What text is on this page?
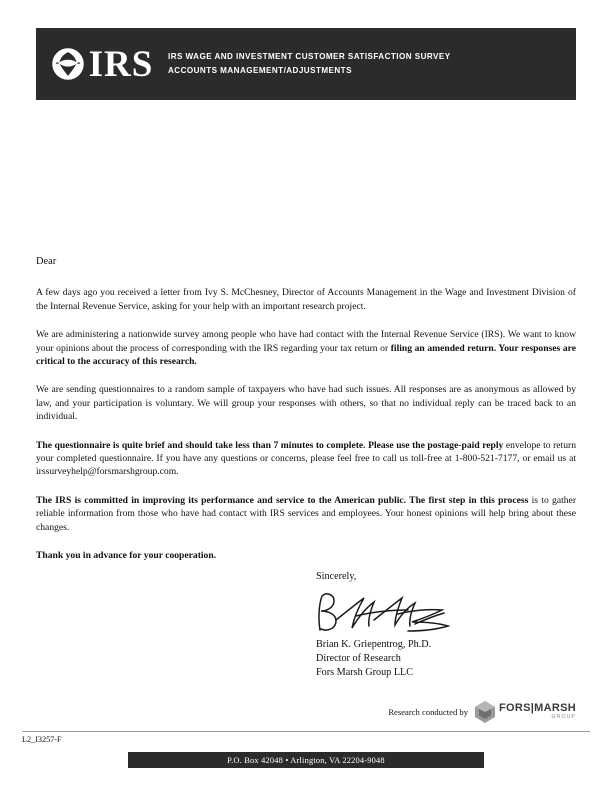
IRS IRS WAGE AND INVESTMENT CUSTOMER SATISFACTION SURVEY
ACCOUNTS MANAGEMENT/ADJUSTMENTS

Dear

A few days ago you received a letter from Ivy S. McChesney, Director of Accounts Management in the Wage and Investment Division of the Internal Revenue Service, asking for your help with an important research project.

We are administering a nationwide survey among people who have had contact with the Internal Revenue Service (IRS). We want to know your opinions about the process of corresponding with the IRS regarding your tax return or filing an amended return. Your responses are critical to the accuracy of this research.

We are sending questionnaires to a random sample of taxpayers who have had such issues. All responses are as anonymous as allowed by law, and your participation is voluntary. We will group your responses with others, so that no individual reply can be traced back to an individual.

The questionnaire is quite brief and should take less than 7 minutes to complete. Please use the postage-paid reply envelope to return your completed questionnaire. If you have any questions or concerns, please feel free to call us toll-free at 1-800-521-7177, or email us at irssurveyhelp@forsmarshgroup.com.

The IRS is committed in improving its performance and service to the American public. The first step in this process is to gather reliable information from those who have had contact with IRS services and employees. Your honest opinions will help bring about these changes.

Thank you in advance for your cooperation.

Sincerely,

Brian K. Griepentrog, Ph.D.

Director of Research

Fors Marsh Group LLC

Research conducted by	FORS|MARSH
GROUP
L2_I3257-F
P.O. Box 42048 • Arlington, VA 22204-9048
